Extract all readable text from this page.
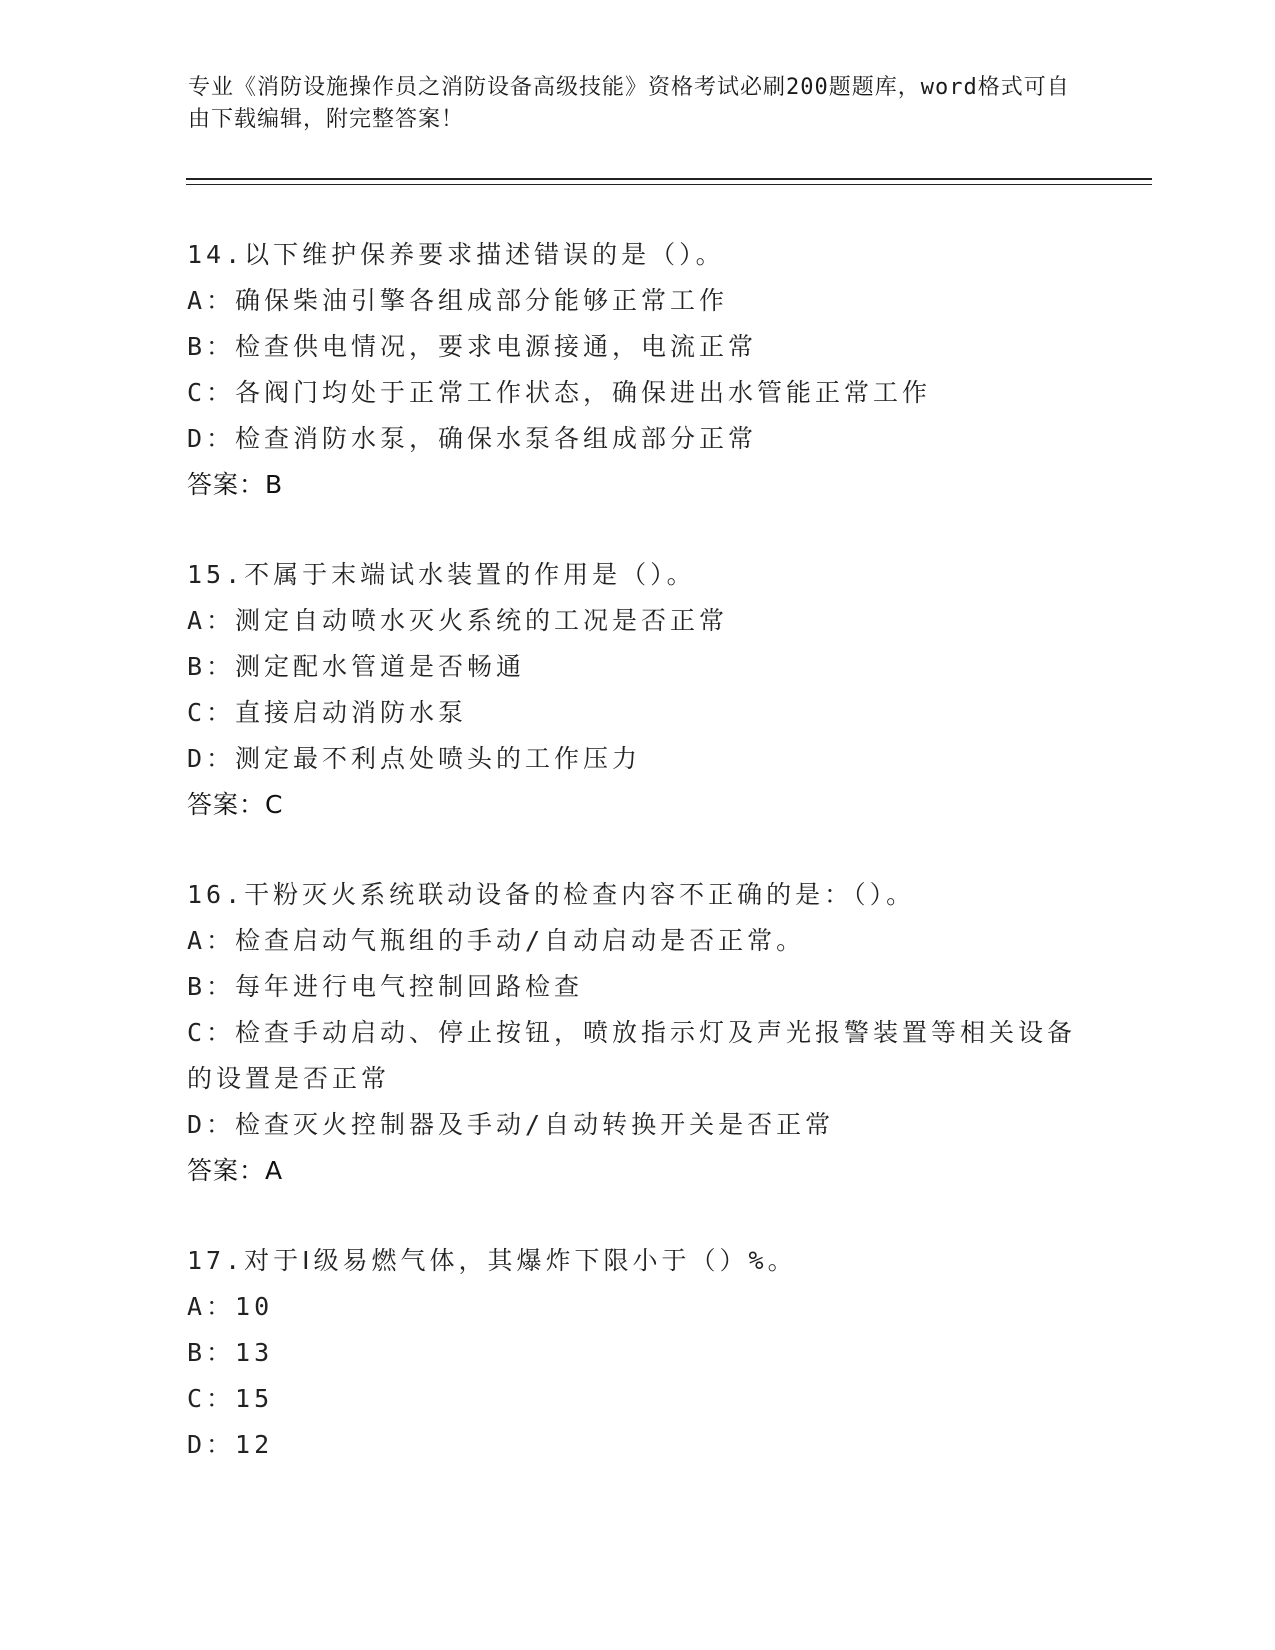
专业《消防设施操作员之消防设备高级技能》资格考试必刷200题题库，word格式可自由下载编辑，附完整答案！
14.以下维护保养要求描述错误的是（）。
A：确保柴油引擎各组成部分能够正常工作
B：检查供电情况，要求电源接通，电流正常
C：各阀门均处于正常工作状态，确保进出水管能正常工作
D：检查消防水泵，确保水泵各组成部分正常
答案：B
15.不属于末端试水装置的作用是（）。
A：测定自动喷水灭火系统的工况是否正常
B：测定配水管道是否畅通
C：直接启动消防水泵
D：测定最不利点处喷头的工作压力
答案：C
16.干粉灭火系统联动设备的检查内容不正确的是：（）。
A：检查启动气瓶组的手动/自动启动是否正常。
B：每年进行电气控制回路检查
C：检查手动启动、停止按钮，喷放指示灯及声光报警装置等相关设备的设置是否正常
D：检查灭火控制器及手动/自动转换开关是否正常
答案：A
17.对于Ⅰ级易燃气体，其爆炸下限小于（）%。
A：10
B：13
C：15
D：12
